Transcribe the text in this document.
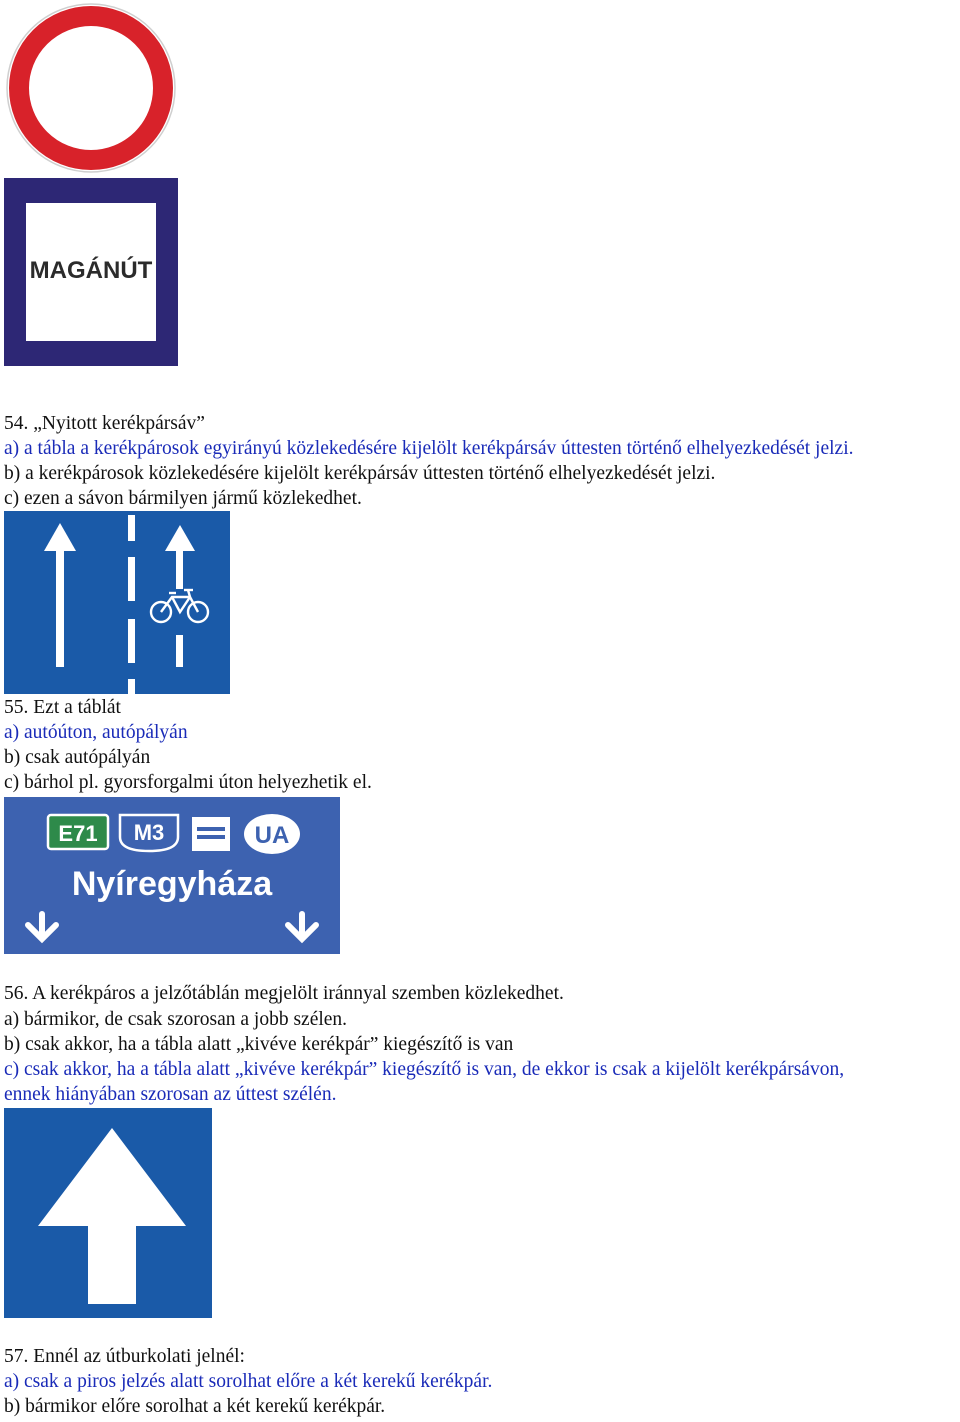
MAGÁNÚT
54. „Nyitott kerékpársáv”
a) a tábla a kerékpárosok egyirányú közlekedésére kijelölt kerékpársáv úttesten történő elhelyezkedését jelzi.
b) a kerékpárosok közlekedésére kijelölt kerékpársáv úttesten történő elhelyezkedését jelzi.
c) ezen a sávon bármilyen jármű közlekedhet.
55. Ezt a táblát
a) autóúton, autópályán
b) csak autópályán
c) bárhol pl. gyorsforgalmi úton helyezhetik el.
E71 M3	UA
Nyíregyháza
56. A kerékpáros a jelzőtáblán megjelölt iránnyal szemben közlekedhet.
a) bármikor, de csak szorosan a jobb szélen.
b) csak akkor, ha a tábla alatt „kivéve kerékpár” kiegészítő is van
c) csak akkor, ha a tábla alatt „kivéve kerékpár” kiegészítő is van, de ekkor is csak a kijelölt kerékpársávon,
ennek hiányában szorosan az úttest szélén.
57. Ennél az útburkolati jelnél:
a) csak a piros jelzés alatt sorolhat előre a két kerekű kerékpár.
b) bármikor előre sorolhat a két kerekű kerékpár.
